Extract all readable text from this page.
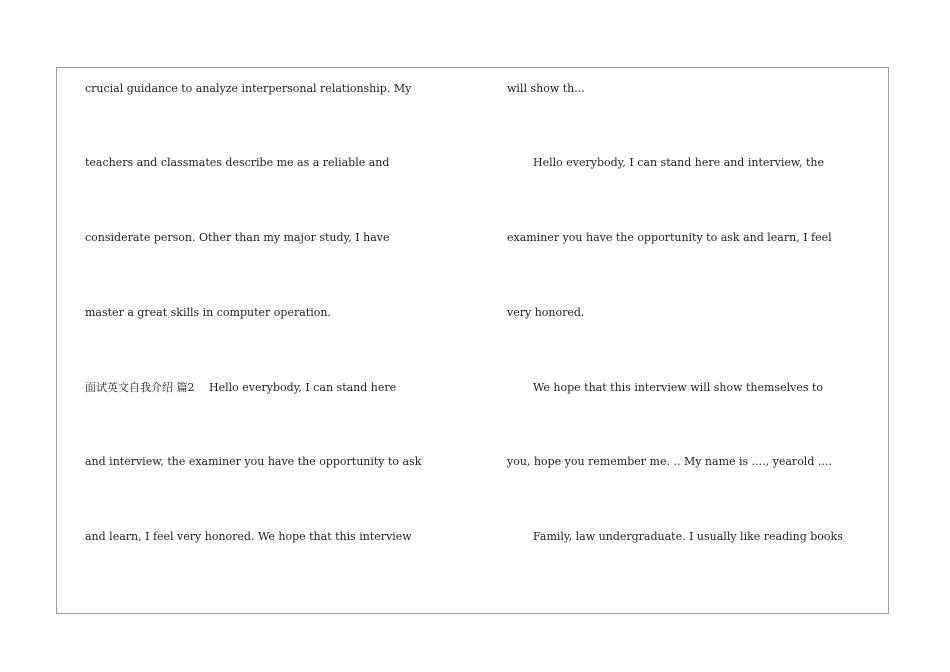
crucial guidance to analyze interpersonal relationship. My
teachers and classmates describe me as a reliable and
considerate person. Other than my major study, I have
master a great skills in computer operation.
面试英文自我介绍 篇2　 Hello everybody, I can stand here
and interview, the examiner you have the opportunity to ask
and learn, I feel very honored. We hope that this interview
will show th...
Hello everybody, I can stand here and interview, the
examiner you have the opportunity to ask and learn, I feel
very honored.
We hope that this interview will show themselves to
you, hope you remember me. .. My name is ...., yearold ....
Family, law undergraduate. I usually like reading books
